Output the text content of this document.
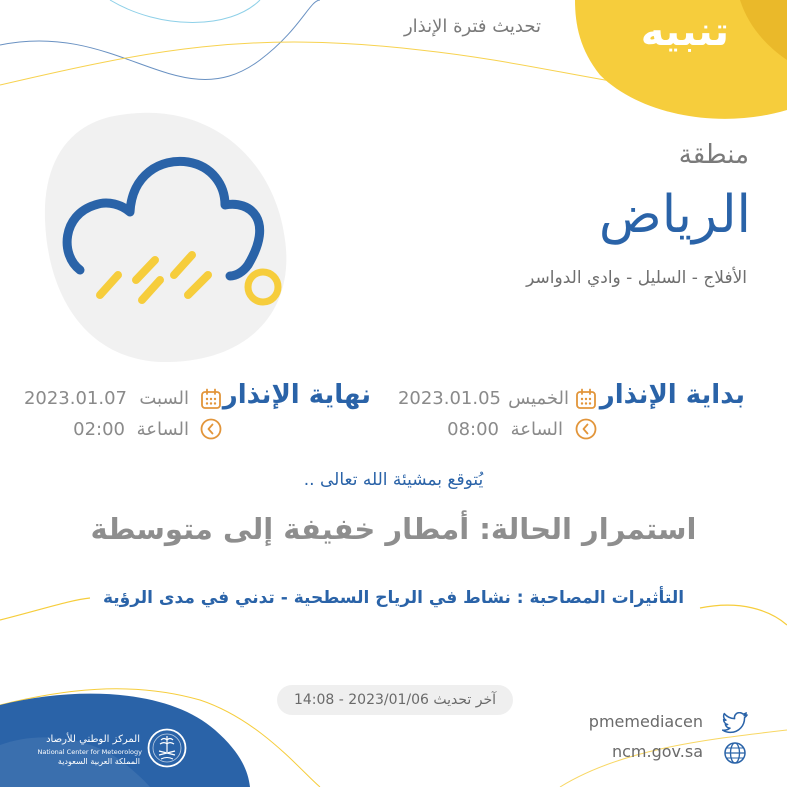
تنبيه
تحديث فترة الإنذار
منطقة
الرياض
الأفلاج - السليل - وادي الدواسر
بداية الإنذار
الخميس
2023.01.05
الساعة
08:00
نهاية الإنذار
السبت
2023.01.07
الساعة
02:00
يُتوقع بمشيئة الله تعالى ..
استمرار الحالة: أمطار خفيفة إلى متوسطة
التأثيرات المصاحبة : نشاط في الرياح السطحية - تدني في مدى الرؤية
آخر تحديث 2023/01/06 - 14:08
pmemediacen
ncm.gov.sa
المركز الوطني للأرصاد
National Center for Meteorology
المملكة العربية السعودية
